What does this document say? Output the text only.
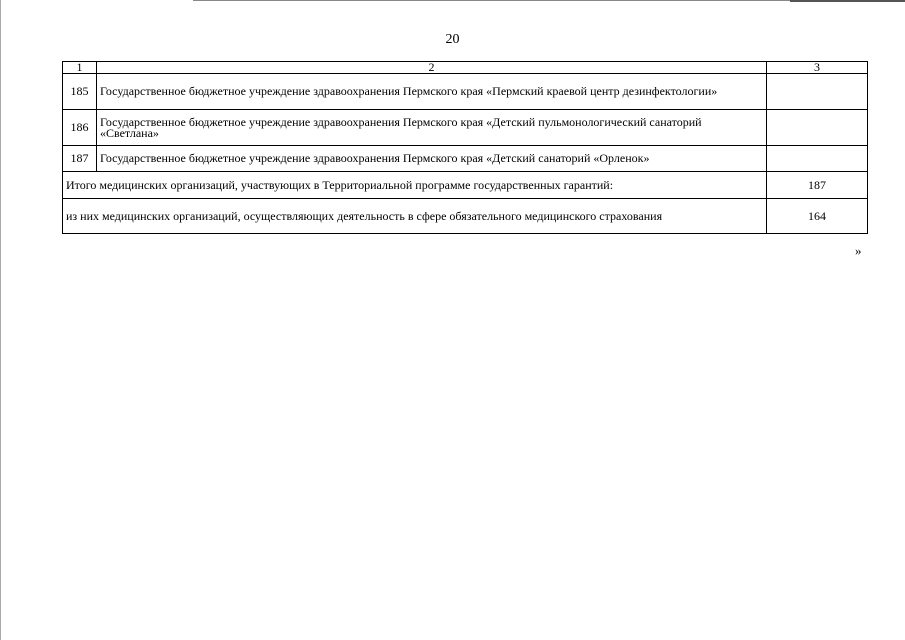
20
1	2	3
185	Государственное бюджетное учреждение здравоохранения Пермского края «Пермский краевой центр дезинфектологии»	
186	Государственное бюджетное учреждение здравоохранения Пермского края «Детский пульмонологический санаторий «Светлана»	
187	Государственное бюджетное учреждение здравоохранения Пермского края «Детский санаторий «Орленок»	
Итого медицинских организаций, участвующих в Территориальной программе государственных гарантий:		187
из них медицинских организаций, осуществляющих деятельность в сфере обязательного медицинского страхования		164
»
